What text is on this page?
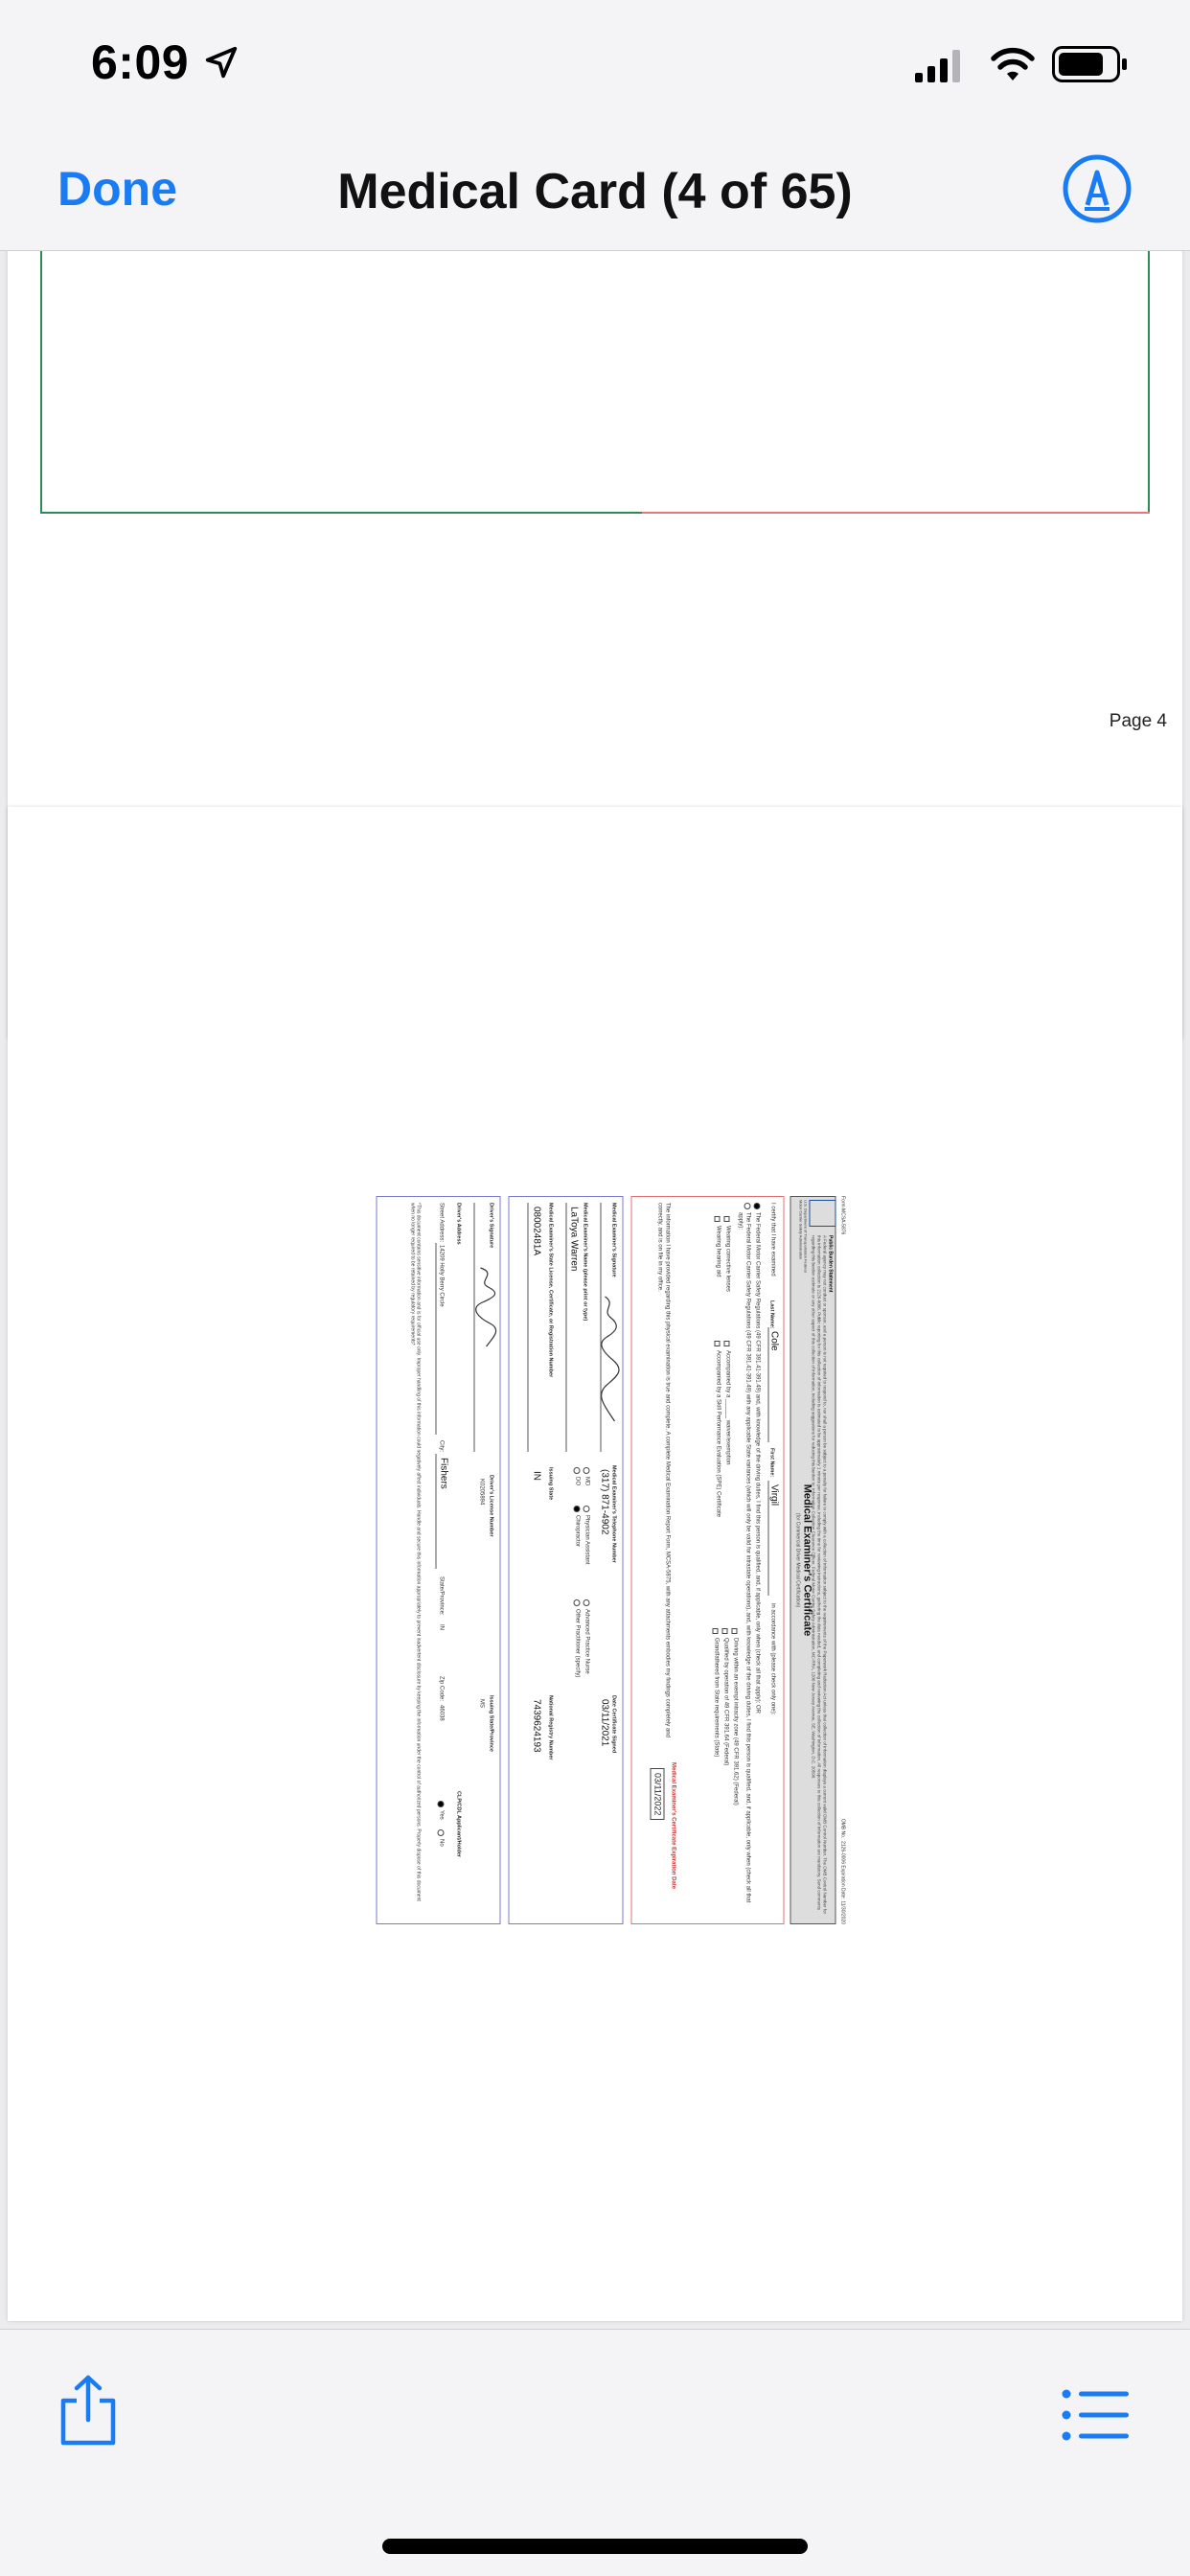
6:09
Done	Medical Card (4 of 65)
Page 4
Form MCSA-5876
OMB No.: 2126-0006 Expiration Date: 11/30/2020
Public Burden Statement
A Federal agency may not conduct or sponsor, and a person is not required to respond to, nor shall a person be subject to a penalty for failure to comply with a collection of information subject to the requirements of the Paperwork Reduction Act unless that collection of information displays a current valid OMB Control Number. The OMB Control Number for this information collection is 2126-0006. Public reporting for this collection of information is estimated to be approximately 1 minute per response, including the time for reviewing instructions, gathering the data needed, and completing and reviewing the collection of information. All responses to this collection of information are mandatory. Send comments regarding this burden estimate or any other aspect of this collection of information, including suggestions for reducing this burden to: Information Collection Clearance Officer, Federal Motor Carrier Safety Administration, MC-RRA, 1200 New Jersey Avenue, SE, Washington, D.C. 20590.
U.S. Department of Transportation Federal Motor Carrier Safety Administration
Medical Examiner's Certificate
(for Commercial Driver Medical Certification)
I certify that I have examined
Last Name:
Cole
First Name:
Virgil
in accordance with (please check only one):
The Federal Motor Carrier Safety Regulations (49 CFR 391.41-391.49) and, with knowledge of the driving duties, I find this person is qualified, and, if applicable, only when (check all that apply): OR
The Federal Motor Carrier Safety Regulations (49 CFR 391.41-391.49) with any applicable State variances (which will only be valid for intrastate operations), and, with knowledge of the driving duties, I find this person is qualified, and, if applicable, only when (check all that apply):
Wearing corrective lenses
Wearing hearing aid
Accompanied by a ______ waiver/exemption
Accompanied by a Skill Performance Evaluation (SPE) Certificate
Driving within an exempt intracity zone (49 CFR 391.62) (Federal)
Qualified by operation of 49 CFR 391.64 (Federal)
Grandfathered from State requirements (State)
The information I have provided regarding this physical examination is true and complete. A complete Medical Examination Report Form, MCSA-5875, with any attachments embodies my findings completely and correctly, and is on file in my office.
Medical Examiner's Certificate Expiration Date
03/11/2022
Medical Examiner's Signature
Medical Examiner's Telephone Number
(317) 871-4902
Date Certificate Signed
03/11/2021
Medical Examiner's Name (please print or type)
LaToya Warren
MD
DO
Physician Assistant
Chiropractor
Advanced Practice Nurse
Other Practitioner (specify)
Medical Examiner's State License, Certificate, or Registration Number
08002481A
Issuing State
IN
National Registry Number
7439624193
Driver's Signature
Driver's License Number
K0205894
Issuing State/Province
MS
Driver's Address
CLP/CDL Applicant/Holder
Street Address:
14209 Holly Berry Circle
City:
Fishers
State/Province:
IN
Zip Code:
46038
Yes
No
*This document contains sensitive information and is for official use only. Improper handling of this information could negatively affect individuals. Handle and secure this information appropriately to prevent inadvertent disclosure by keeping the information under the control of authorized persons. Properly dispose of this document when no longer required to be retained by regulatory requirements*
